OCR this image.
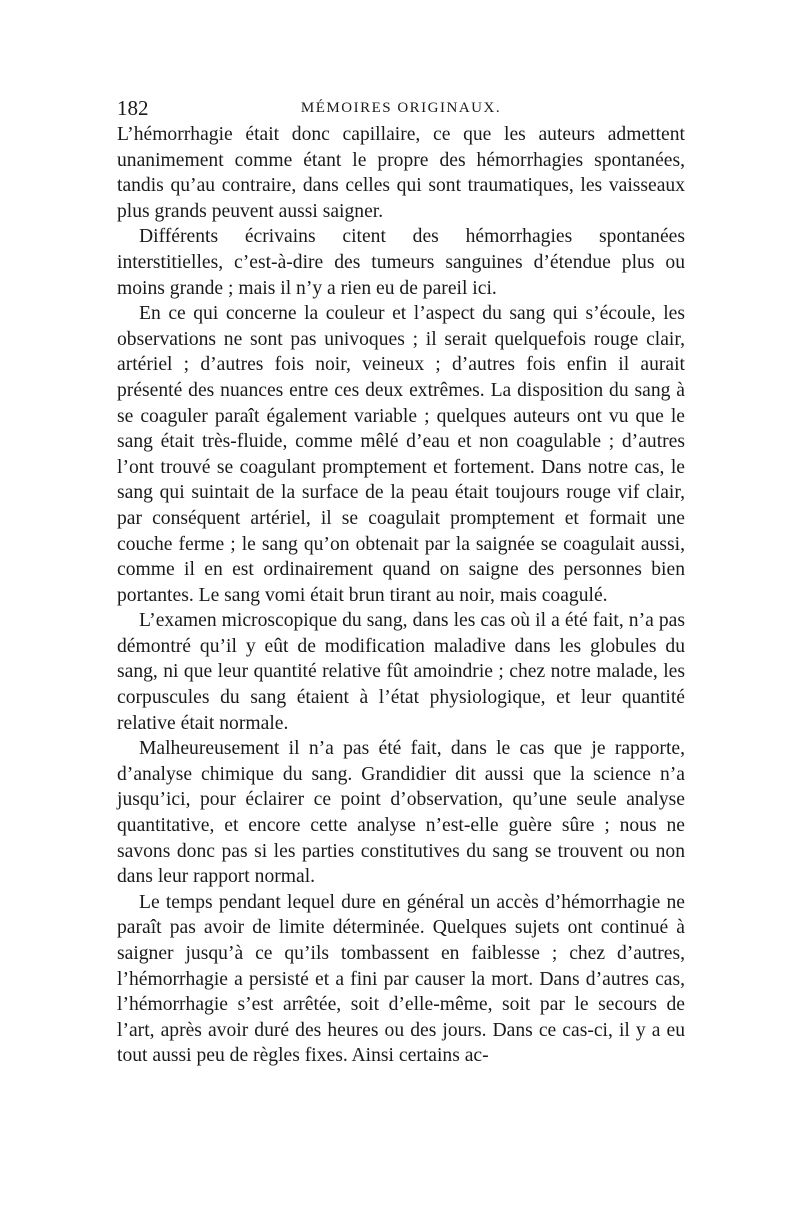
182	MÉMOIRES ORIGINAUX.

L’hémorrhagie était donc capillaire, ce que les auteurs admettent unanimement comme étant le propre des hémorrhagies spontanées, tandis qu’au contraire, dans celles qui sont traumatiques, les vaisseaux plus grands peuvent aussi saigner.

Différents écrivains citent des hémorrhagies spontanées interstitielles, c’est-à-dire des tumeurs sanguines d’étendue plus ou moins grande ; mais il n’y a rien eu de pareil ici.

En ce qui concerne la couleur et l’aspect du sang qui s’écoule, les observations ne sont pas univoques ; il serait quelquefois rouge clair, artériel ; d’autres fois noir, veineux ; d’autres fois enfin il aurait présenté des nuances entre ces deux extrêmes. La disposition du sang à se coaguler paraît également variable ; quelques auteurs ont vu que le sang était très-fluide, comme mêlé d’eau et non coagulable ; d’autres l’ont trouvé se coagulant promptement et fortement. Dans notre cas, le sang qui suintait de la surface de la peau était toujours rouge vif clair, par conséquent artériel, il se coagulait promptement et formait une couche ferme ; le sang qu’on obtenait par la saignée se coagulait aussi, comme il en est ordinairement quand on saigne des personnes bien portantes. Le sang vomi était brun tirant au noir, mais coagulé.

L’examen microscopique du sang, dans les cas où il a été fait, n’a pas démontré qu’il y eût de modification maladive dans les globules du sang, ni que leur quantité relative fût amoindrie ; chez notre malade, les corpuscules du sang étaient à l’état physiologique, et leur quantité relative était normale.

Malheureusement il n’a pas été fait, dans le cas que je rapporte, d’analyse chimique du sang. Grandidier dit aussi que la science n’a jusqu’ici, pour éclairer ce point d’observation, qu’une seule analyse quantitative, et encore cette analyse n’est-elle guère sûre ; nous ne savons donc pas si les parties constitutives du sang se trouvent ou non dans leur rapport normal.

Le temps pendant lequel dure en général un accès d’hémorrhagie ne paraît pas avoir de limite déterminée. Quelques sujets ont continué à saigner jusqu’à ce qu’ils tombassent en faiblesse ; chez d’autres, l’hémorrhagie a persisté et a fini par causer la mort. Dans d’autres cas, l’hémorrhagie s’est arrêtée, soit d’elle-même, soit par le secours de l’art, après avoir duré des heures ou des jours. Dans ce cas-ci, il y a eu tout aussi peu de règles fixes. Ainsi certains ac-
